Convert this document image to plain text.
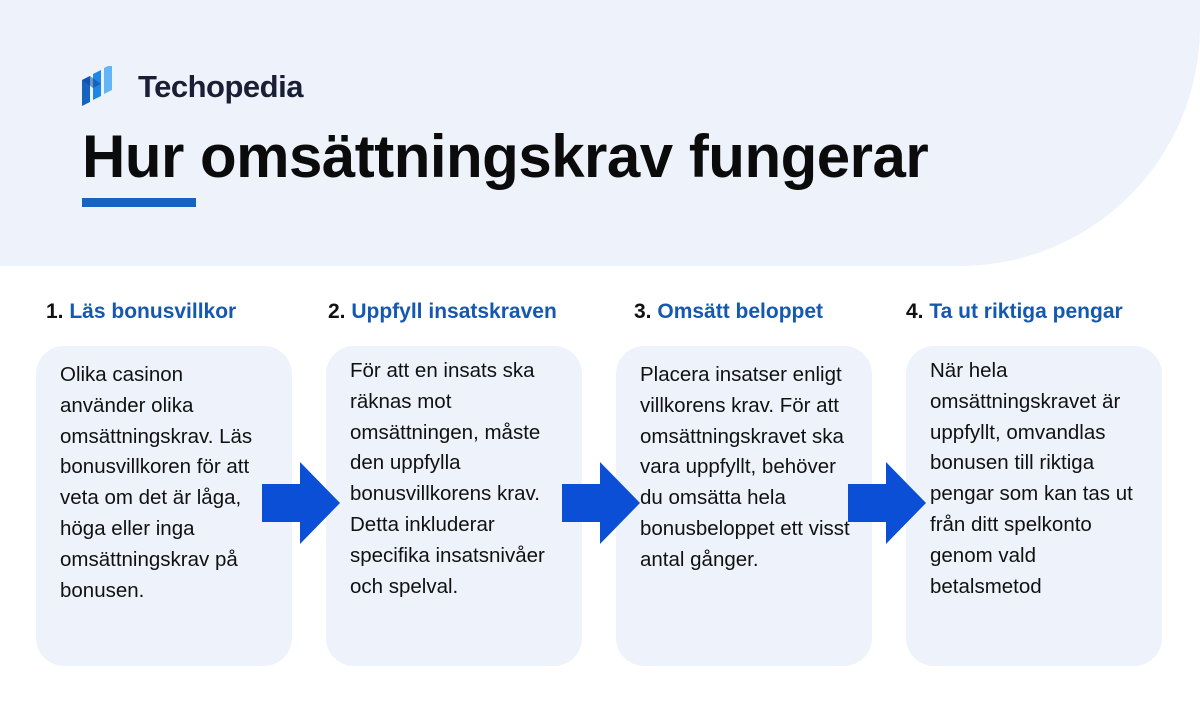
Techopedia
Hur omsättningskrav fungerar
1. Läs bonusvillkor

Olika casinon använder olika omsättningskrav. Läs bonusvillkoren för att veta om det är låga, höga eller inga omsättningskrav på bonusen.

2. Uppfyll insatskraven

För att en insats ska räknas mot omsättningen, måste den uppfylla bonusvillkorens krav. Detta inkluderar specifika insatsnivåer och spelval.

3. Omsätt beloppet

Placera insatser enligt villkorens krav. För att omsättningskravet ska vara uppfyllt, behöver du omsätta hela bonusbeloppet ett visst antal gånger.

4. Ta ut riktiga pengar

När hela omsättningskravet är uppfyllt, omvandlas bonusen till riktiga pengar som kan tas ut från ditt spelkonto genom vald betalsmetod
